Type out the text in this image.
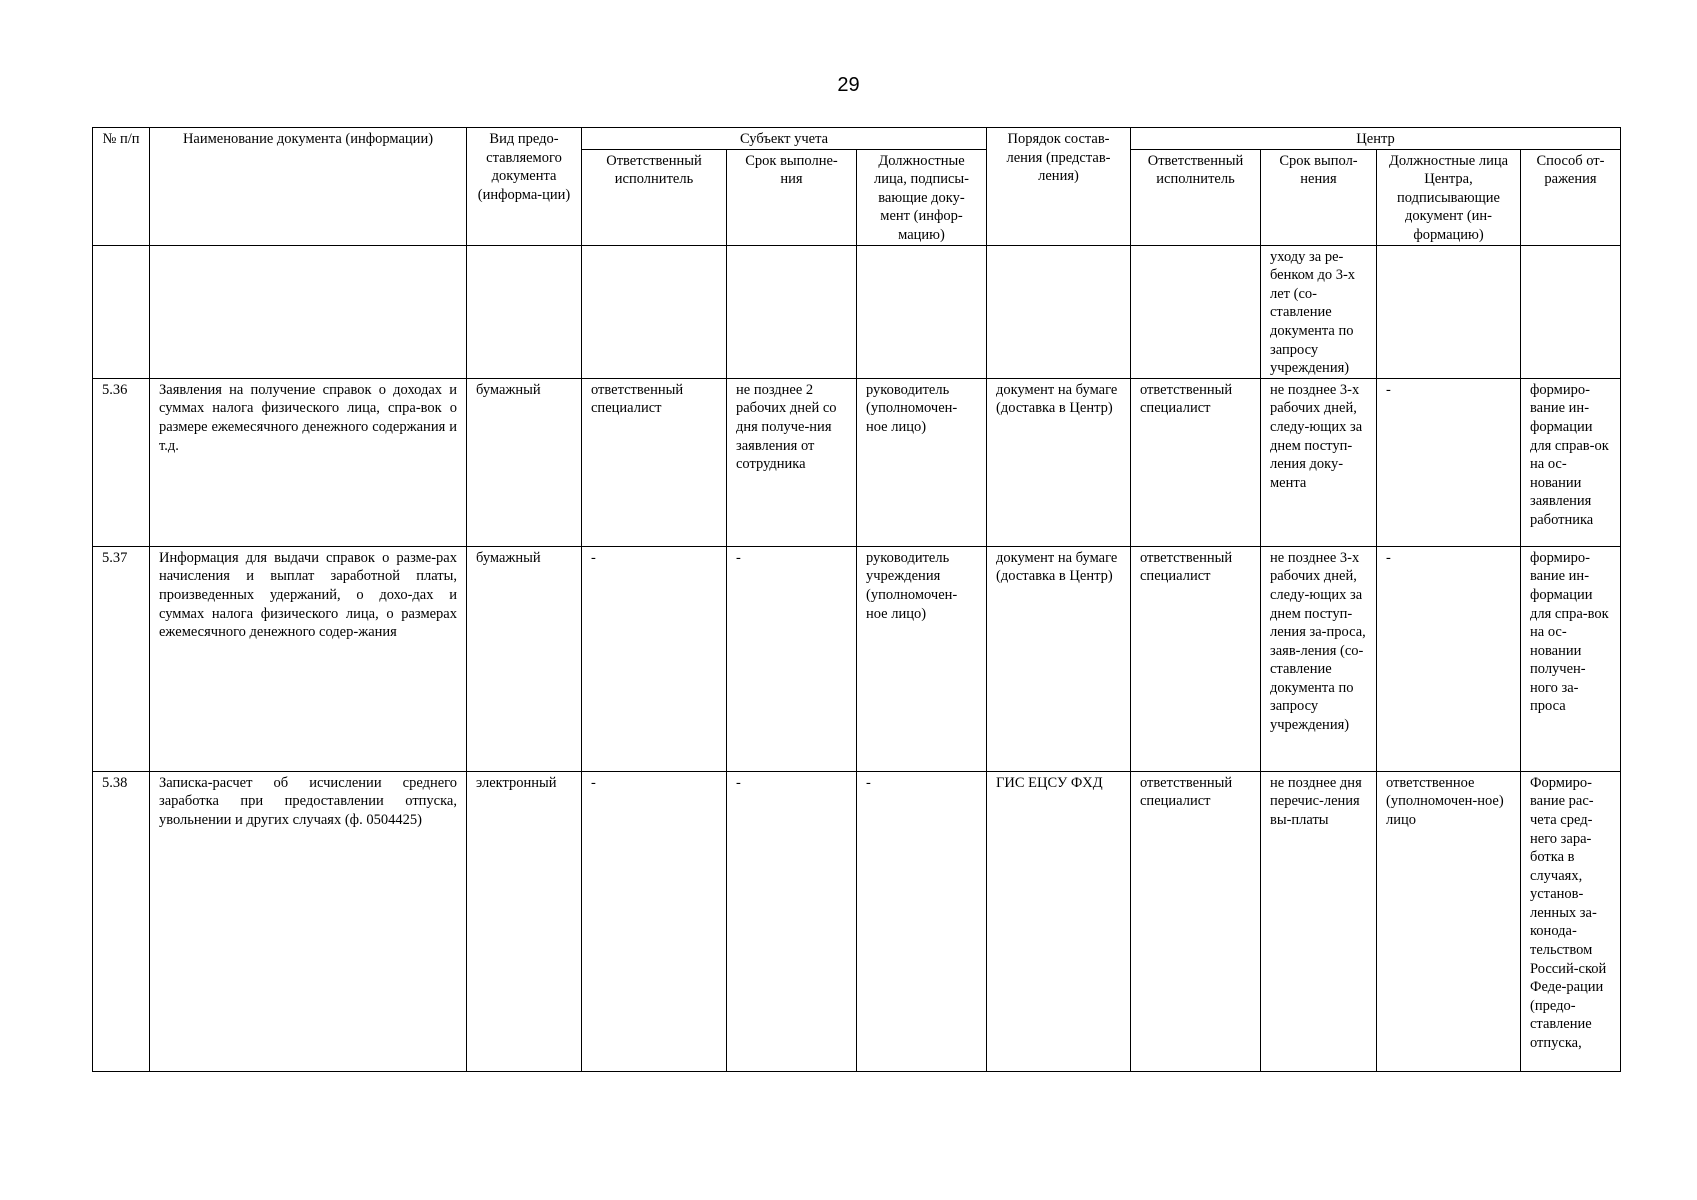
29
№ п/п	Наименование документа (информации)	Вид предо-ставляемого документа (информа-ции)	Субъект учета			Порядок состав-ления (представ-ления)	Центр			
			Ответственный исполнитель	Срок выполне-ния	Должностные лица, подписы-вающие доку-мент (инфор-мацию)		Ответственный исполнитель	Срок выпол-нения	Должностные лица Центра, подписывающие документ (ин-формацию)	Способ от-ражения
								уходу за ре-бенком до 3-х лет (со-ставление документа по запросу учреждения)		
5.36	Заявления на получение справок о доходах и суммах налога физического лица, спра-вок о размере ежемесячного денежного содержания и т.д.	бумажный	ответственный специалист	не позднее 2 рабочих дней со дня получе-ния заявления от сотрудника	руководитель (уполномочен-ное лицо)	документ на бумаге (доставка в Центр)	ответственный специалист	не позднее 3-х рабочих дней, следу-ющих за днем поступ-ления доку-мента	-	формиро-вание ин-формации для справ-ок на ос-новании заявления работника
5.37	Информация для выдачи справок о разме-рах начисления и выплат заработной платы, произведенных удержаний, о дохо-дах и суммах налога физического лица, о размерах ежемесячного денежного содер-жания	бумажный	-	-	руководитель учреждения (уполномочен-ное лицо)	документ на бумаге (доставка в Центр)	ответственный специалист	не позднее 3-х рабочих дней, следу-ющих за днем поступ-ления за-проса, заяв-ления (со-ставление документа по запросу учреждения)	-	формиро-вание ин-формации для спра-вок на ос-новании получен-ного за-проса
5.38	Записка-расчет об исчислении среднего заработка при предоставлении отпуска, увольнении и других случаях (ф. 0504425)	электронный	-	-	-	ГИС ЕЦСУ ФХД	ответственный специалист	не позднее дня перечис-ления вы-платы	ответственное (уполномочен-ное) лицо	Формиро-вание рас-чета сред-него зара-ботка в случаях, установ-ленных за-конода-тельством Россий-ской Феде-рации (предо-ставление отпуска,
